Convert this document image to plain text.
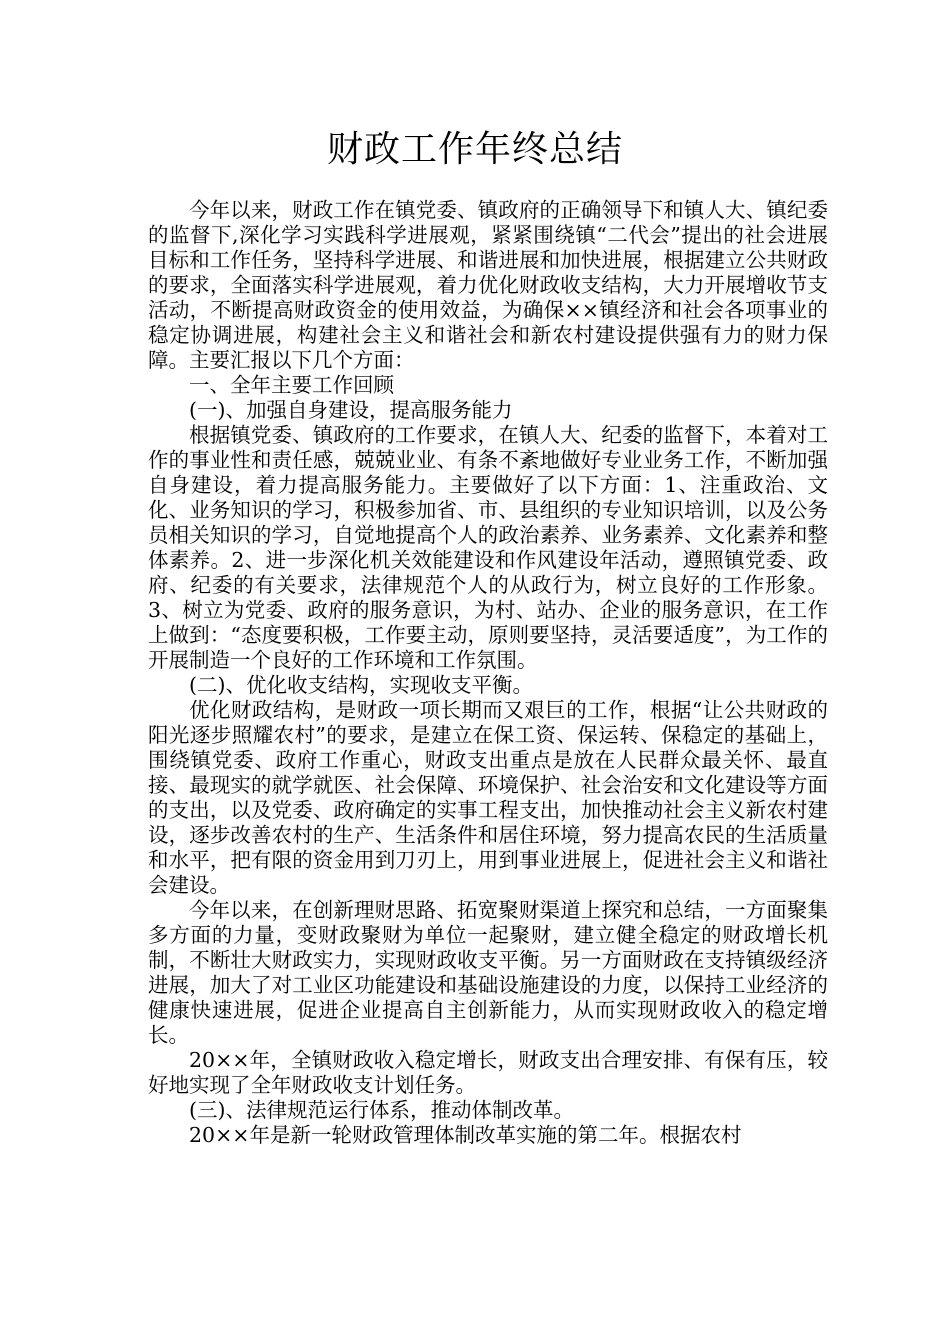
财政工作年终总结

今年以来，财政工作在镇党委、镇政府的正确领导下和镇人大、镇纪委的监督下,深化学习实践科学进展观，紧紧围绕镇“二代会”提出的社会进展目标和工作任务，坚持科学进展、和谐进展和加快进展，根据建立公共财政的要求，全面落实科学进展观，着力优化财政收支结构，大力开展增收节支活动，不断提高财政资金的使用效益，为确保××镇经济和社会各项事业的稳定协调进展，构建社会主义和谐社会和新农村建设提供强有力的财力保障。主要汇报以下几个方面：

一、全年主要工作回顾

(一)、加强自身建设，提高服务能力

根据镇党委、镇政府的工作要求，在镇人大、纪委的监督下，本着对工作的事业性和责任感，兢兢业业、有条不紊地做好专业业务工作，不断加强自身建设，着力提高服务能力。主要做好了以下方面：1、注重政治、文化、业务知识的学习，积极参加省、市、县组织的专业知识培训，以及公务员相关知识的学习，自觉地提高个人的政治素养、业务素养、文化素养和整体素养。2、进一步深化机关效能建设和作风建设年活动，遵照镇党委、政府、纪委的有关要求，法律规范个人的从政行为，树立良好的工作形象。3、树立为党委、政府的服务意识，为村、站办、企业的服务意识，在工作上做到：“态度要积极，工作要主动，原则要坚持，灵活要适度”，为工作的开展制造一个良好的工作环境和工作氛围。

(二)、优化收支结构，实现收支平衡。

优化财政结构，是财政一项长期而又艰巨的工作，根据“让公共财政的阳光逐步照耀农村”的要求，是建立在保工资、保运转、保稳定的基础上，围绕镇党委、政府工作重心，财政支出重点是放在人民群众最关怀、最直接、最现实的就学就医、社会保障、环境保护、社会治安和文化建设等方面的支出，以及党委、政府确定的实事工程支出，加快推动社会主义新农村建设，逐步改善农村的生产、生活条件和居住环境，努力提高农民的生活质量和水平，把有限的资金用到刀刃上，用到事业进展上，促进社会主义和谐社会建设。

今年以来，在创新理财思路、拓宽聚财渠道上探究和总结，一方面聚集多方面的力量，变财政聚财为单位一起聚财，建立健全稳定的财政增长机制，不断壮大财政实力，实现财政收支平衡。另一方面财政在支持镇级经济进展，加大了对工业区功能建设和基础设施建设的力度，以保持工业经济的健康快速进展，促进企业提高自主创新能力，从而实现财政收入的稳定增长。

20××年，全镇财政收入稳定增长，财政支出合理安排、有保有压，较好地实现了全年财政收支计划任务。

(三)、法律规范运行体系，推动体制改革。

20××年是新一轮财政管理体制改革实施的第二年。根据农村
